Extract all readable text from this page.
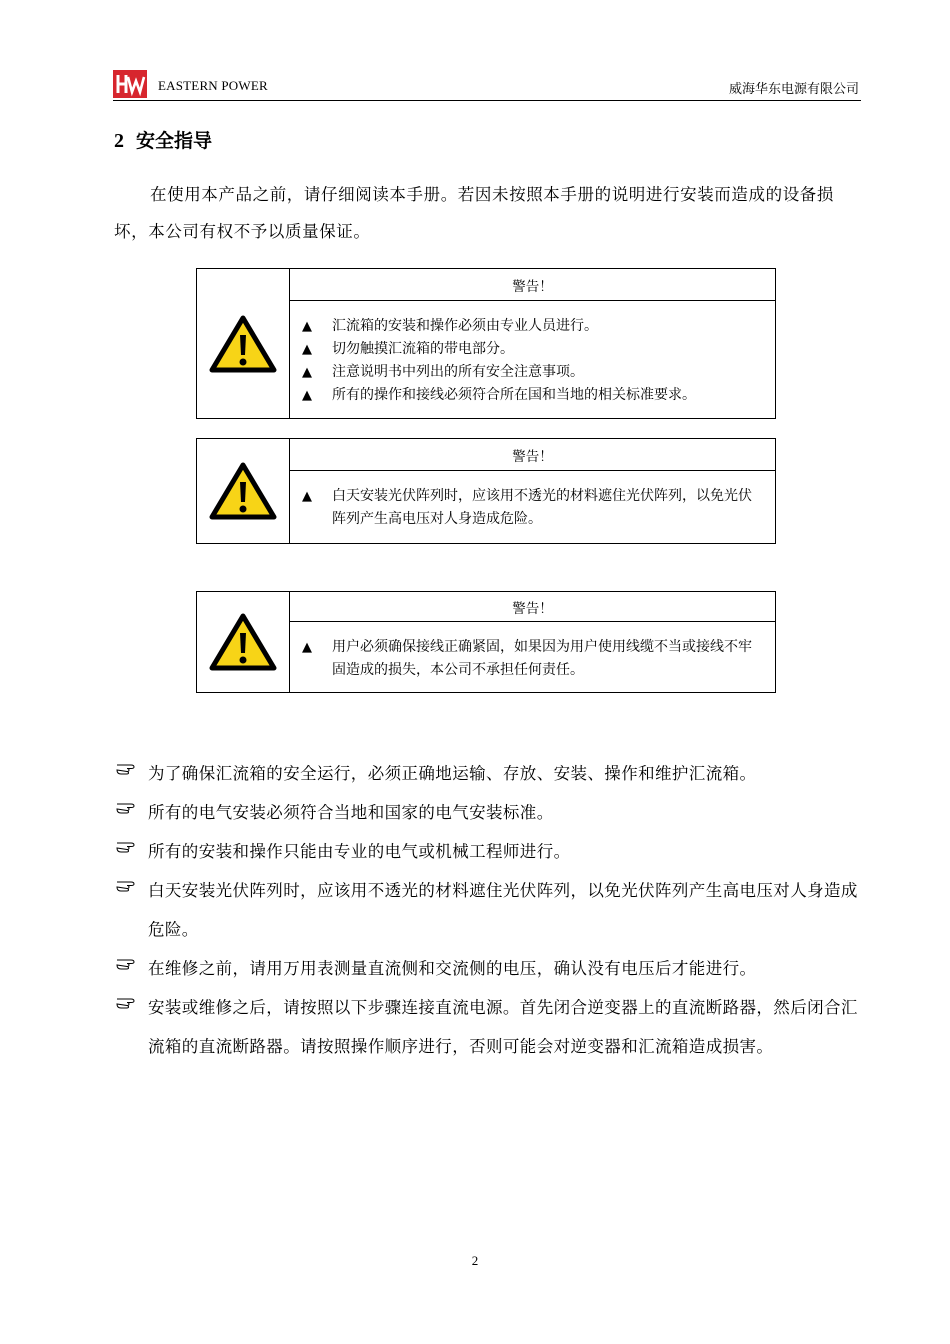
EASTERN POWER	威海华东电源有限公司
2 安全指导
在使用本产品之前，请仔细阅读本手册。若因未按照本手册的说明进行安装而造成的设备损坏，本公司有权不予以质量保证。
警告！
▲	汇流箱的安装和操作必须由专业人员进行。
▲	切勿触摸汇流箱的带电部分。
▲	注意说明书中列出的所有安全注意事项。
▲	所有的操作和接线必须符合所在国和当地的相关标准要求。
警告！
▲	白天安装光伏阵列时，应该用不透光的材料遮住光伏阵列，以免光伏阵列产生高电压对人身造成危险。
警告！
▲	用户必须确保接线正确紧固，如果因为用户使用线缆不当或接线不牢固造成的损失，本公司不承担任何责任。
为了确保汇流箱的安全运行，必须正确地运输、存放、安装、操作和维护汇流箱。
所有的电气安装必须符合当地和国家的电气安装标准。
所有的安装和操作只能由专业的电气或机械工程师进行。
白天安装光伏阵列时，应该用不透光的材料遮住光伏阵列，以免光伏阵列产生高电压对人身造成危险。
在维修之前，请用万用表测量直流侧和交流侧的电压，确认没有电压后才能进行。
安装或维修之后，请按照以下步骤连接直流电源。首先闭合逆变器上的直流断路器，然后闭合汇流箱的直流断路器。请按照操作顺序进行，否则可能会对逆变器和汇流箱造成损害。
2
